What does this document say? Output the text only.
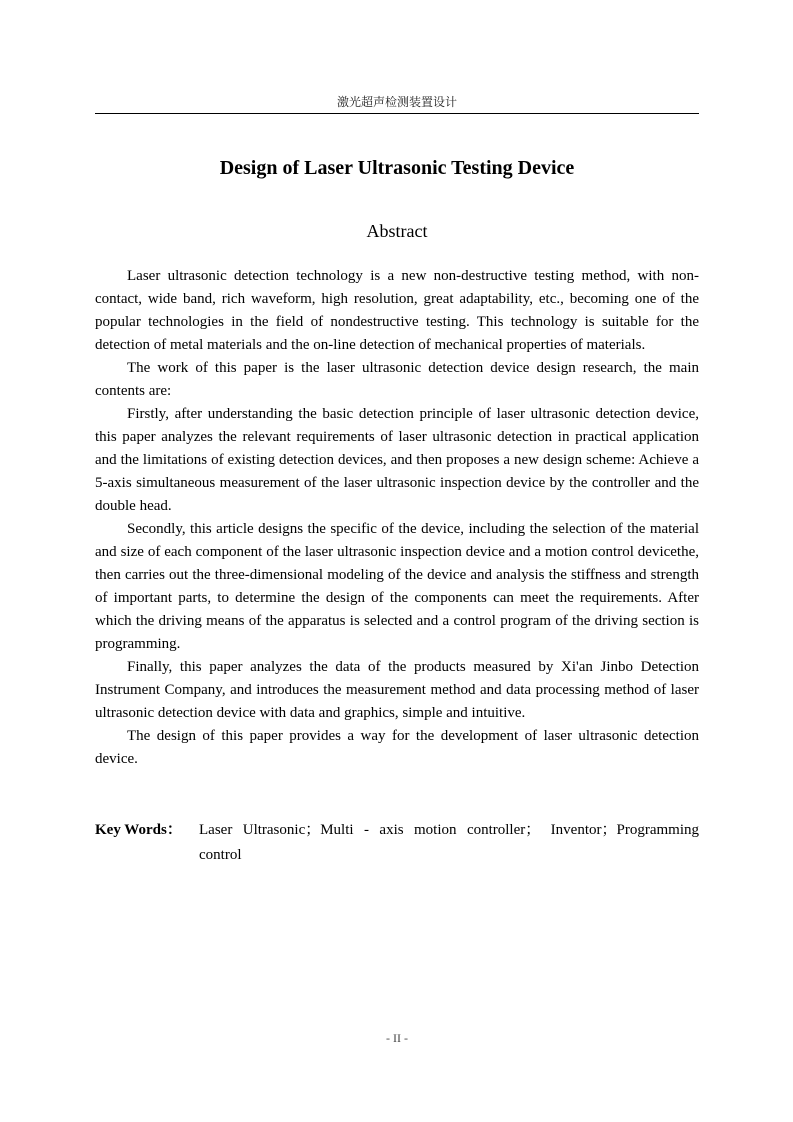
激光超声检测装置设计
Design of Laser Ultrasonic Testing Device
Abstract

Laser ultrasonic detection technology is a new non-destructive testing method, with non-contact, wide band, rich waveform, high resolution, great adaptability, etc., becoming one of the popular technologies in the field of nondestructive testing. This technology is suitable for the detection of metal materials and the on-line detection of mechanical properties of materials.

The work of this paper is the laser ultrasonic detection device design research, the main contents are:

Firstly, after understanding the basic detection principle of laser ultrasonic detection device, this paper analyzes the relevant requirements of laser ultrasonic detection in practical application and the limitations of existing detection devices, and then proposes a new design scheme: Achieve a 5-axis simultaneous measurement of the laser ultrasonic inspection device by the controller and the double head.

Secondly, this article designs the specific of the device, including the selection of the material and size of each component of the laser ultrasonic inspection device and a motion control devicethe, then carries out the three-dimensional modeling of the device and analysis the stiffness and strength of important parts, to determine the design of the components can meet the requirements. After which the driving means of the apparatus is selected and a control program of the driving section is programming.

Finally, this paper analyzes the data of the products measured by Xi'an Jinbo Detection Instrument Company, and introduces the measurement method and data processing method of laser ultrasonic detection device with data and graphics, simple and intuitive.

The design of this paper provides a way for the development of laser ultrasonic detection device.

Key Words：	Laser Ultrasonic；Multi - axis motion controller； Inventor；Programming control
- II -
